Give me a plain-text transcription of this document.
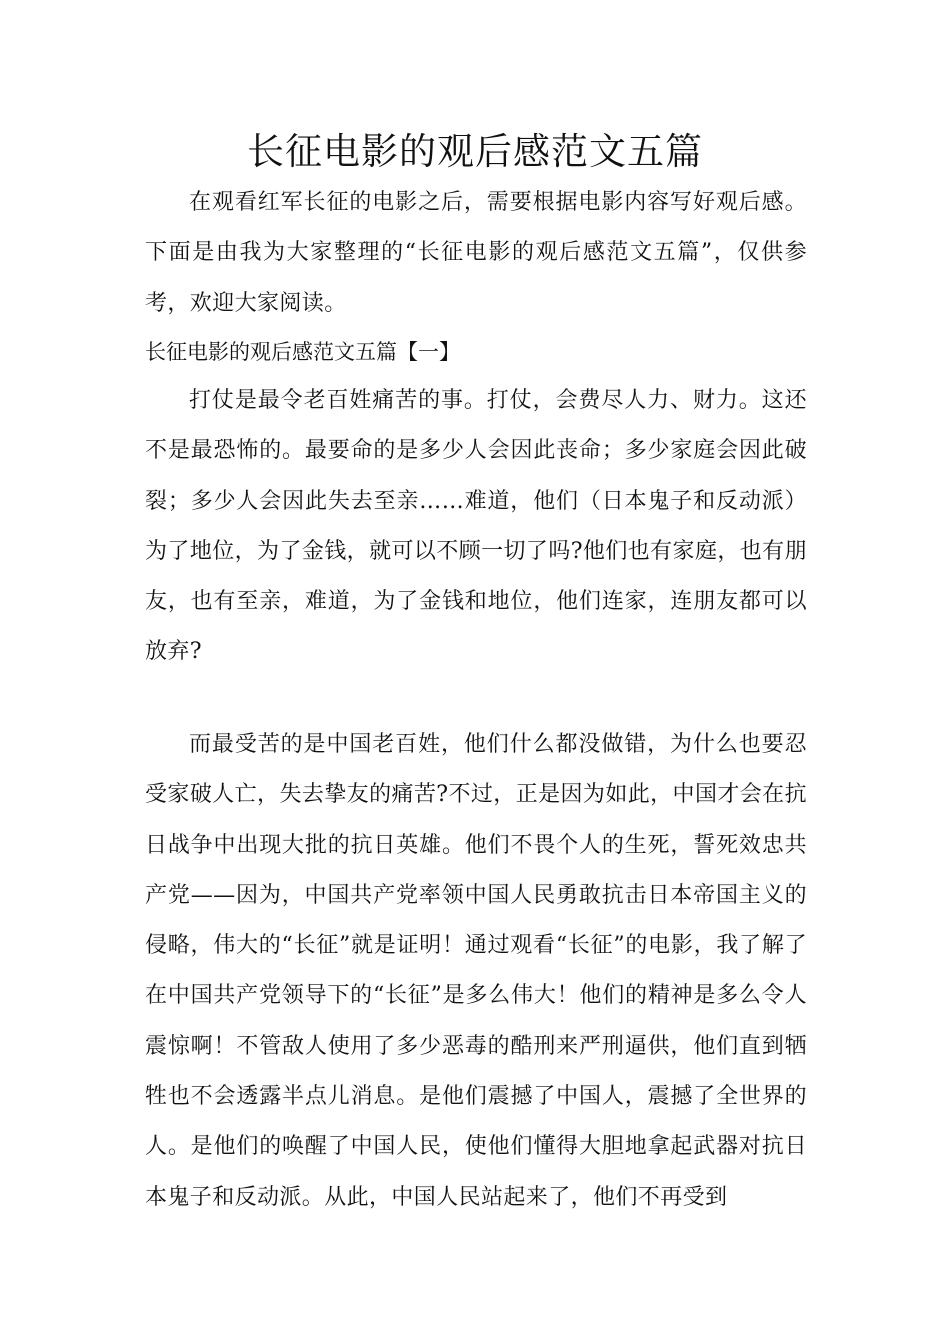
长征电影的观后感范文五篇

在观看红军长征的电影之后，需要根据电影内容写好观后感。下面是由我为大家整理的“长征电影的观后感范文五篇”，仅供参考，欢迎大家阅读。

长征电影的观后感范文五篇【一】

打仗是最令老百姓痛苦的事。打仗，会费尽人力、财力。这还不是最恐怖的。最要命的是多少人会因此丧命；多少家庭会因此破裂；多少人会因此失去至亲……难道，他们（日本鬼子和反动派）为了地位，为了金钱，就可以不顾一切了吗?他们也有家庭，也有朋友，也有至亲，难道，为了金钱和地位，他们连家，连朋友都可以放弃?

而最受苦的是中国老百姓，他们什么都没做错，为什么也要忍受家破人亡，失去挚友的痛苦?不过，正是因为如此，中国才会在抗日战争中出现大批的抗日英雄。他们不畏个人的生死，誓死效忠共产党——因为，中国共产党率领中国人民勇敢抗击日本帝国主义的侵略，伟大的“长征”就是证明！通过观看“长征”的电影，我了解了在中国共产党领导下的“长征”是多么伟大！他们的精神是多么令人震惊啊！不管敌人使用了多少恶毒的酷刑来严刑逼供，他们直到牺牲也不会透露半点儿消息。是他们震撼了中国人，震撼了全世界的人。是他们的唤醒了中国人民，使他们懂得大胆地拿起武器对抗日本鬼子和反动派。从此，中国人民站起来了，他们不再受到
